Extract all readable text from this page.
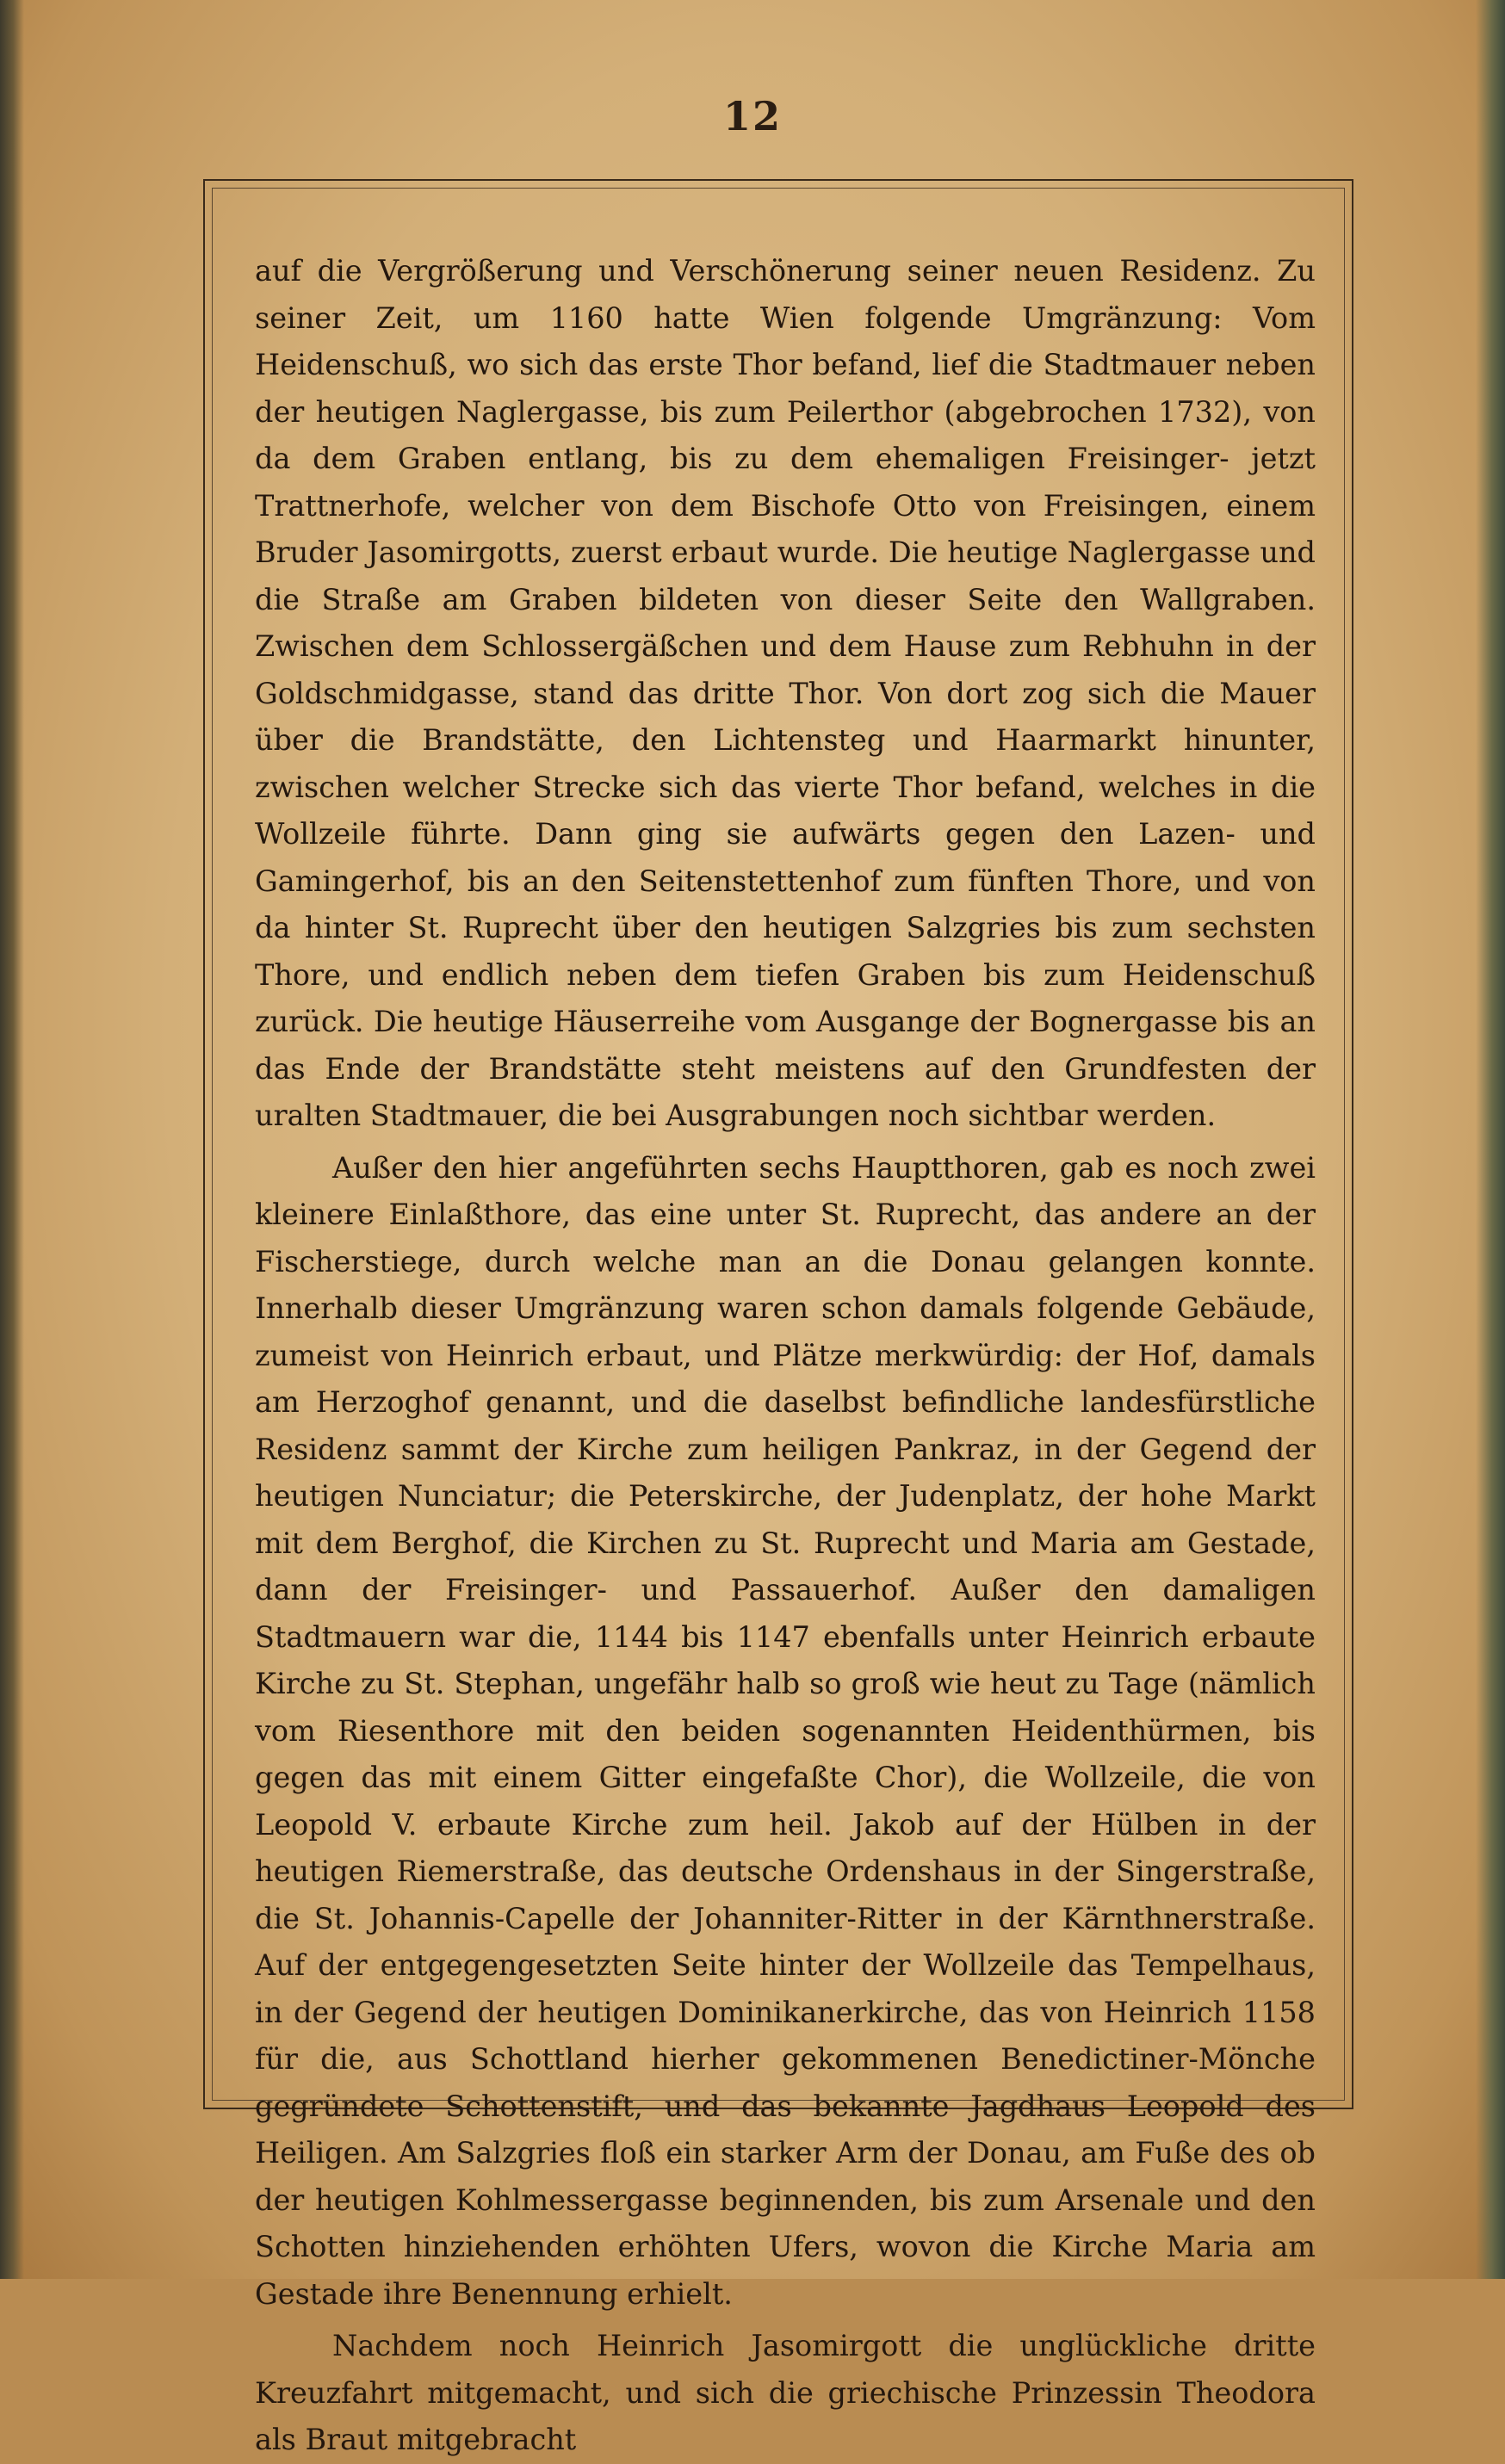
12

auf die Vergrößerung und Verschönerung seiner neuen Residenz. Zu seiner Zeit, um 1160 hatte Wien folgende Umgränzung: Vom Heidenschuß, wo sich das erste Thor befand, lief die Stadtmauer neben der heutigen Naglergasse, bis zum Peilerthor (abgebrochen 1732), von da dem Graben entlang, bis zu dem ehemaligen Freisinger- jetzt Trattnerhofe, welcher von dem Bischofe Otto von Freisingen, einem Bruder Jasomirgotts, zuerst erbaut wurde. Die heutige Naglergasse und die Straße am Graben bildeten von dieser Seite den Wallgraben. Zwischen dem Schlossergäßchen und dem Hause zum Rebhuhn in der Goldschmidgasse, stand das dritte Thor. Von dort zog sich die Mauer über die Brandstätte, den Lichtensteg und Haarmarkt hinunter, zwischen welcher Strecke sich das vierte Thor befand, welches in die Wollzeile führte. Dann ging sie aufwärts gegen den Lazen- und Gamingerhof, bis an den Seitenstettenhof zum fünften Thore, und von da hinter St. Ruprecht über den heutigen Salzgries bis zum sechsten Thore, und endlich neben dem tiefen Graben bis zum Heidenschuß zurück. Die heutige Häuserreihe vom Ausgange der Bognergasse bis an das Ende der Brandstätte steht meistens auf den Grundfesten der uralten Stadtmauer, die bei Ausgrabungen noch sichtbar werden.

Außer den hier angeführten sechs Hauptthoren, gab es noch zwei kleinere Einlaßthore, das eine unter St. Ruprecht, das andere an der Fischerstiege, durch welche man an die Donau gelangen konnte. Innerhalb dieser Umgränzung waren schon damals folgende Gebäude, zumeist von Heinrich erbaut, und Plätze merkwürdig: der Hof, damals am Herzoghof genannt, und die daselbst befindliche landesfürstliche Residenz sammt der Kirche zum heiligen Pankraz, in der Gegend der heutigen Nunciatur; die Peterskirche, der Judenplatz, der hohe Markt mit dem Berghof, die Kirchen zu St. Ruprecht und Maria am Gestade, dann der Freisinger- und Passauerhof. Außer den damaligen Stadtmauern war die, 1144 bis 1147 ebenfalls unter Heinrich erbaute Kirche zu St. Stephan, ungefähr halb so groß wie heut zu Tage (nämlich vom Riesenthore mit den beiden sogenannten Heidenthürmen, bis gegen das mit einem Gitter eingefaßte Chor), die Wollzeile, die von Leopold V. erbaute Kirche zum heil. Jakob auf der Hülben in der heutigen Riemerstraße, das deutsche Ordenshaus in der Singerstraße, die St. Johannis-Capelle der Johanniter-Ritter in der Kärnthnerstraße. Auf der entgegengesetzten Seite hinter der Wollzeile das Tempelhaus, in der Gegend der heutigen Dominikanerkirche, das von Heinrich 1158 für die, aus Schottland hierher gekommenen Benedictiner-Mönche gegründete Schottenstift, und das bekannte Jagdhaus Leopold des Heiligen. Am Salzgries floß ein starker Arm der Donau, am Fuße des ob der heutigen Kohlmessergasse beginnenden, bis zum Arsenale und den Schotten hinziehenden erhöhten Ufers, wovon die Kirche Maria am Gestade ihre Benennung erhielt.

Nachdem noch Heinrich Jasomirgott die unglückliche dritte Kreuzfahrt mitgemacht, und sich die griechische Prinzessin Theodora als Braut mitgebracht
